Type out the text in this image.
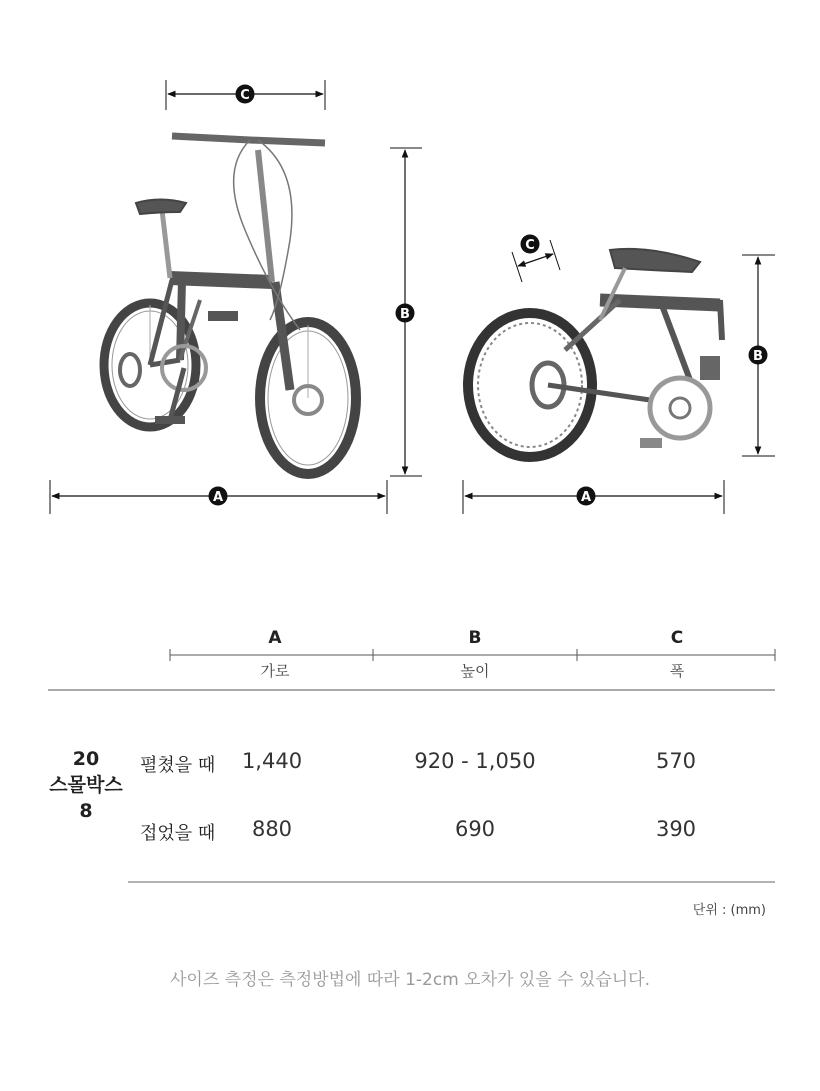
C
B
A
C
B
A
A	B	C
가로	높이	폭
20
스몰박스
8
펼쳤을 때	1,440	920 - 1,050	570
접었을 때	880	690	390
단위 : (mm)
사이즈 측정은 측정방법에 따라 1-2cm 오차가 있을 수 있습니다.
